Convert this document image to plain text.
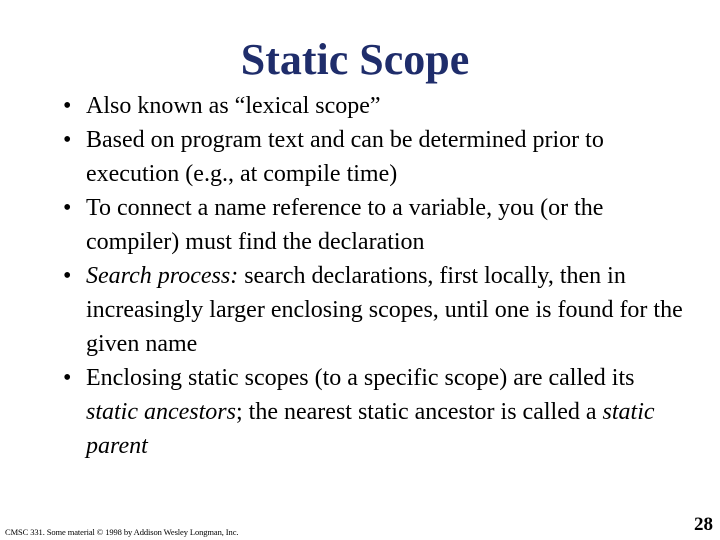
Static Scope
• Also known as “lexical scope”
• Based on program text and can be determined prior to execution (e.g., at compile time)
• To connect a name reference to a variable, you (or the compiler) must find the declaration
• Search process: search declarations, first locally, then in increasingly larger enclosing scopes, until one is found for the given name
• Enclosing static scopes (to a specific scope) are called its static ancestors; the nearest static ancestor is called a static parent
CMSC 331. Some material © 1998 by Addison Wesley Longman, Inc.	28
